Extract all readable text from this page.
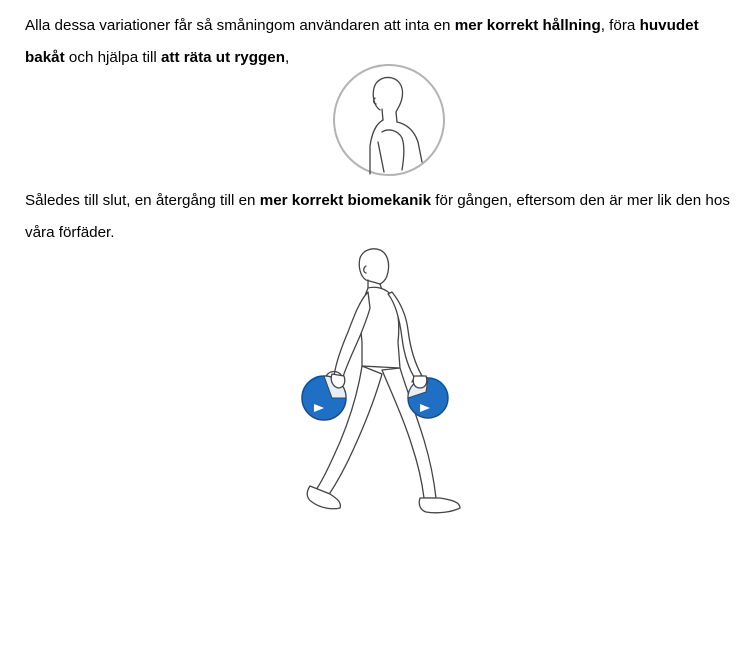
Alla dessa variationer får så småningom användaren att inta en mer korrekt hållning, föra huvudet bakåt och hjälpa till att räta ut ryggen,

Således till slut, en återgång till en mer korrekt biomekanik för gången, eftersom den är mer lik den hos våra förfäder.
